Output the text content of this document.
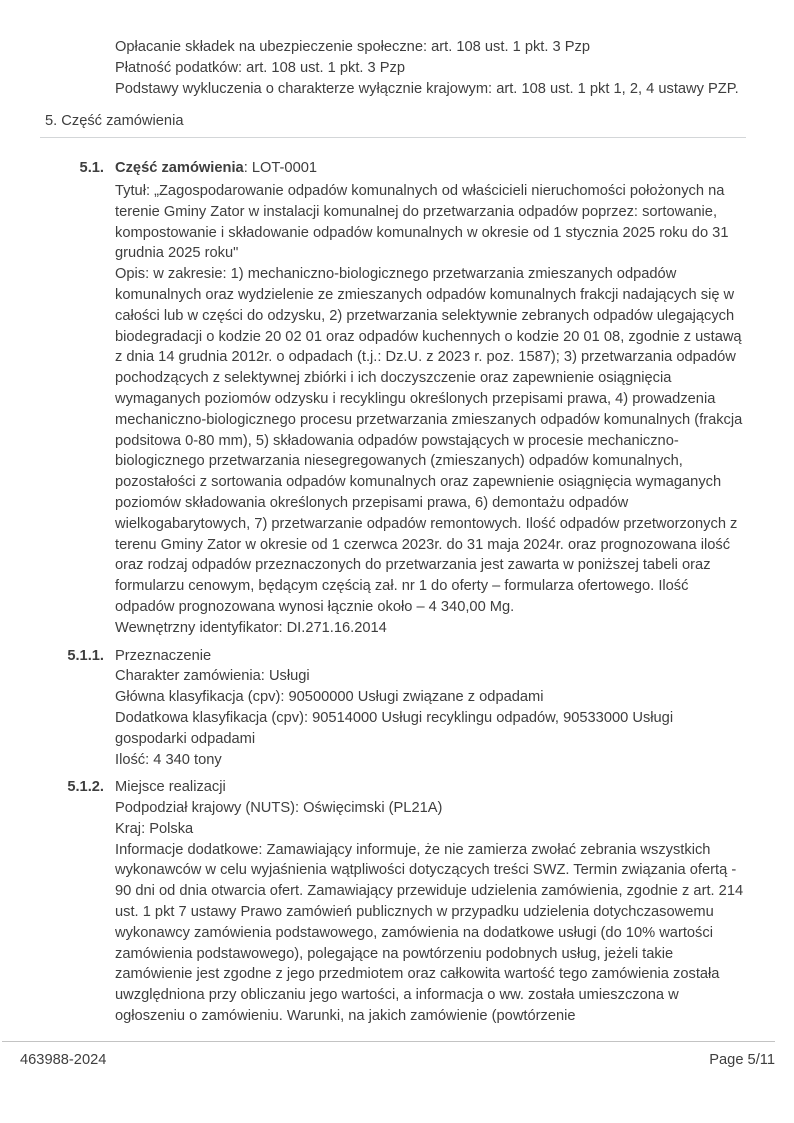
Opłacanie składek na ubezpieczenie społeczne: art. 108 ust. 1 pkt. 3 Pzp

Płatność podatków: art. 108 ust. 1 pkt. 3 Pzp

Podstawy wykluczenia o charakterze wyłącznie krajowym: art. 108 ust. 1 pkt 1, 2, 4 ustawy PZP.

5. Część zamówienia
5.1. Część zamówienia: LOT-0001

Tytuł: „Zagospodarowanie odpadów komunalnych od właścicieli nieruchomości położonych na terenie Gminy Zator w instalacji komunalnej do przetwarzania odpadów poprzez: sortowanie, kompostowanie i składowanie odpadów komunalnych w okresie od 1 stycznia 2025 roku do 31 grudnia 2025 roku"

Opis: w zakresie: 1) mechaniczno-biologicznego przetwarzania zmieszanych odpadów komunalnych oraz wydzielenie ze zmieszanych odpadów komunalnych frakcji nadających się w całości lub w części do odzysku, 2) przetwarzania selektywnie zebranych odpadów ulegających biodegradacji o kodzie 20 02 01 oraz odpadów kuchennych o kodzie 20 01 08, zgodnie z ustawą z dnia 14 grudnia 2012r. o odpadach (t.j.: Dz.U. z 2023 r. poz. 1587); 3) przetwarzania odpadów pochodzących z selektywnej zbiórki i ich doczyszczenie oraz zapewnienie osiągnięcia wymaganych poziomów odzysku i recyklingu określonych przepisami prawa, 4) prowadzenia mechaniczno-biologicznego procesu przetwarzania zmieszanych odpadów komunalnych (frakcja podsitowa 0-80 mm), 5) składowania odpadów powstających w procesie mechaniczno-biologicznego przetwarzania niesegregowanych (zmieszanych) odpadów komunalnych, pozostałości z sortowania odpadów komunalnych oraz zapewnienie osiągnięcia wymaganych poziomów składowania określonych przepisami prawa, 6) demontażu odpadów wielkogabarytowych, 7) przetwarzanie odpadów remontowych. Ilość odpadów przetworzonych z terenu Gminy Zator w okresie od 1 czerwca 2023r. do 31 maja 2024r. oraz prognozowana ilość oraz rodzaj odpadów przeznaczonych do przetwarzania jest zawarta w poniższej tabeli oraz formularzu cenowym, będącym częścią zał. nr 1 do oferty – formularza ofertowego. Ilość odpadów prognozowana wynosi łącznie około – 4 340,00 Mg.

Wewnętrzny identyfikator: DI.271.16.2014

5.1.1. Przeznaczenie

Charakter zamówienia: Usługi

Główna klasyfikacja (cpv): 90500000 Usługi związane z odpadami

Dodatkowa klasyfikacja (cpv): 90514000 Usługi recyklingu odpadów, 90533000 Usługi gospodarki odpadami

Ilość: 4 340 tony

5.1.2. Miejsce realizacji

Podpodział krajowy (NUTS): Oświęcimski (PL21A)

Kraj: Polska

Informacje dodatkowe: Zamawiający informuje, że nie zamierza zwołać zebrania wszystkich wykonawców w celu wyjaśnienia wątpliwości dotyczących treści SWZ. Termin związania ofertą - 90 dni od dnia otwarcia ofert. Zamawiający przewiduje udzielenia zamówienia, zgodnie z art. 214 ust. 1 pkt 7 ustawy Prawo zamówień publicznych w przypadku udzielenia dotychczasowemu wykonawcy zamówienia podstawowego, zamówienia na dodatkowe usługi (do 10% wartości zamówienia podstawowego), polegające na powtórzeniu podobnych usług, jeżeli takie zamówienie jest zgodne z jego przedmiotem oraz całkowita wartość tego zamówienia została uwzględniona przy obliczaniu jego wartości, a informacja o ww. została umieszczona w ogłoszeniu o zamówieniu. Warunki, na jakich zamówienie (powtórzenie

463988-2024	Page 5/11
